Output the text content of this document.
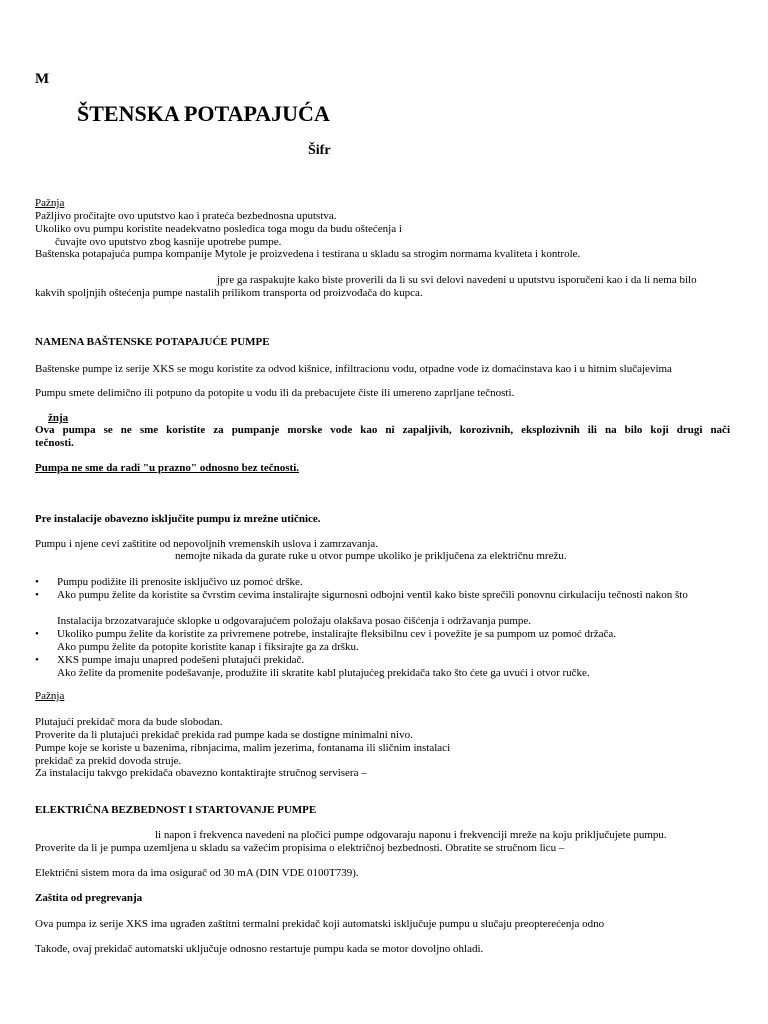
M
ŠTENSKA POTAPAJUĆA
Šifr
Pažnja
Pažljivo pročitajte ovo uputstvo kao i prateća bezbednosna uputstva.
Ukoliko ovu pumpu koristite neadekvatno posledica toga mogu da budu oštećenja i
čuvajte ovo uputstvo zbog kasnije upotrebe pumpe.
Baštenska potapajuća pumpa kompanije Mytole je proizvedena i testirana u skladu sa strogim normama kvaliteta i kontrole.
jpre ga raspakujte kako biste proverili da li su svi delovi navedeni u uputstvu isporučeni kao i da li nema bilo
kakvih spoljnjih oštećenja pumpe nastalih prilikom transporta od proizvođača do kupca.
NAMENA BAŠTENSKE POTAPAJUĆE PUMPE
Baštenske pumpe iz serije XKS se mogu koristite za odvod kišnice, infiltracionu vodu, otpadne vode iz domaćinstava kao i u hitnim slučajevima
Pumpu smete delimično ili potpuno da potopite u vodu ili da prebacujete čiste ili umereno zaprljane tečnosti.
žnja
Ova pumpa se ne sme koristite za pumpanje morske vode kao ni zapaljivih, korozivnih, eksplozivnih ili na bilo koji drugi nači
tečnosti.
Pumpa ne sme da radi "u prazno" odnosno bez tečnosti.
Pre instalacije obavezno isključite pumpu iz mrežne utičnice.
Pumpu i njene cevi zaštitite od nepovoljnih vremenskih uslova i zamrzavanja.
nemojte nikada da gurate ruke u otvor pumpe ukoliko je priključena za električnu mrežu.
• Pumpu podižite ili prenosite isključivo uz pomoć drške.
• Ako pumpu želite da koristite sa čvrstim cevima instalirajte sigurnosni odbojni ventil kako biste sprečili ponovnu cirkulaciju tečnosti nakon što
Instalacija brzozatvarajuće sklopke u odgovarajućem položaju olakšava posao čišćenja i održavanja pumpe.
• Ukoliko pumpu želite da koristite za privremene potrebe, instalirajte fleksibilnu cev i povežite je sa pumpom uz pomoć držača.
Ako pumpu želite da potopite koristite kanap i fiksirajte ga za dršku.
• XKS pumpe imaju unapred podešeni plutajući prekidač.
Ako želite da promenite podešavanje, produžite ili skratite kabl plutajućeg prekidača tako što ćete ga uvući i otvor ručke.
Pažnja
Plutajući prekidač mora da bude slobodan.
Proverite da li plutajući prekidač prekida rad pumpe kada se dostigne minimalni nivo.
Pumpe koje se koriste u bazenima, ribnjacima, malim jezerima, fontanama ili sličnim instalaci
prekidač za prekid dovoda struje.
Za instalaciju takvgo prekidača obavezno kontaktirajte stručnog servisera –
ELEKTRIČNA BEZBEDNOST I STARTOVANJE PUMPE
li napon i frekvenca navedeni na pločici pumpe odgovaraju naponu i frekvenciji mreže na koju priključujete pumpu.
Proverite da li je pumpa uzemljena u skladu sa važećim propisima o električnoj bezbednosti. Obratite se stručnom licu –
Električni sistem mora da ima osigurač od 30 mA (DIN VDE 0100T739).
Zaštita od pregrevanja
Ova pumpa iz serije XKS ima ugrađen zaštitni termalni prekidač koji automatski isključuje pumpu u slučaju preopterećenja odno
Takođe, ovaj prekidač automatski uključuje odnosno restartuje pumpu kada se motor dovoljno ohladi.
